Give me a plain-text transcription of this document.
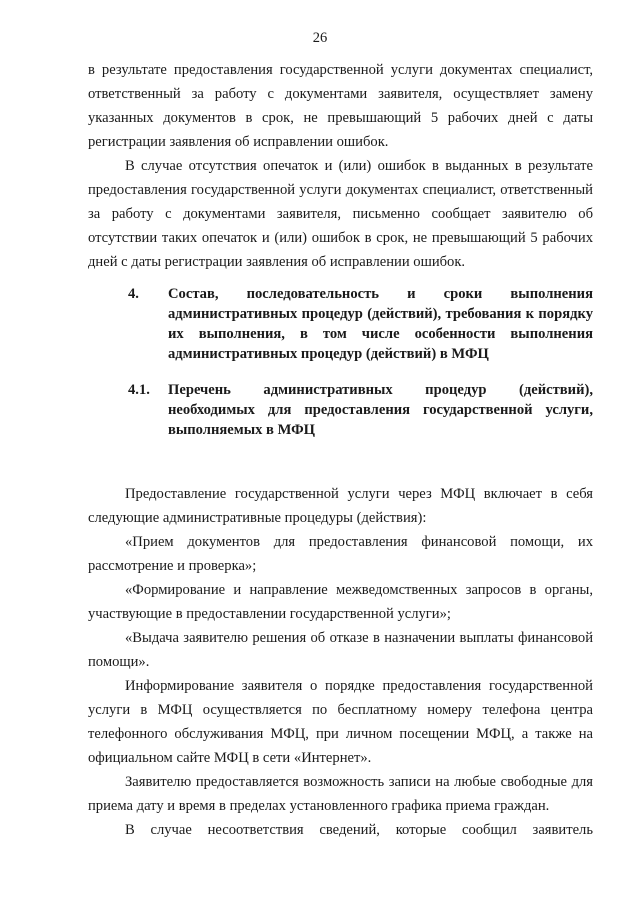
26

в результате предоставления государственной услуги документах специалист, ответственный за работу с документами заявителя, осуществляет замену указанных документов в срок, не превышающий 5 рабочих дней с даты регистрации заявления об исправлении ошибок.

В случае отсутствия опечаток и (или) ошибок в выданных в результате предоставления государственной услуги документах специалист, ответственный за работу с документами заявителя, письменно сообщает заявителю об отсутствии таких опечаток и (или) ошибок в срок, не превышающий 5 рабочих дней с даты регистрации заявления об исправлении ошибок.

4.	Состав, последовательность и сроки выполнения административных процедур (действий), требования к порядку их выполнения, в том числе особенности выполнения административных процедур (действий) в МФЦ
4.1.	Перечень административных процедур (действий), необходимых для предоставления государственной услуги, выполняемых в МФЦ

Предоставление государственной услуги через МФЦ включает в себя следующие административные процедуры (действия):

«Прием документов для предоставления финансовой помощи, их рассмотрение и проверка»;

«Формирование и направление межведомственных запросов в органы, участвующие в предоставлении государственной услуги»;

«Выдача заявителю решения об отказе в назначении выплаты финансовой помощи».

Информирование заявителя о порядке предоставления государственной услуги в МФЦ осуществляется по бесплатному номеру телефона центра телефонного обслуживания МФЦ, при личном посещении МФЦ, а также на официальном сайте МФЦ в сети «Интернет».

Заявителю предоставляется возможность записи на любые свободные для приема дату и время в пределах установленного графика приема граждан.

В случае несоответствия сведений, которые сообщил заявитель
